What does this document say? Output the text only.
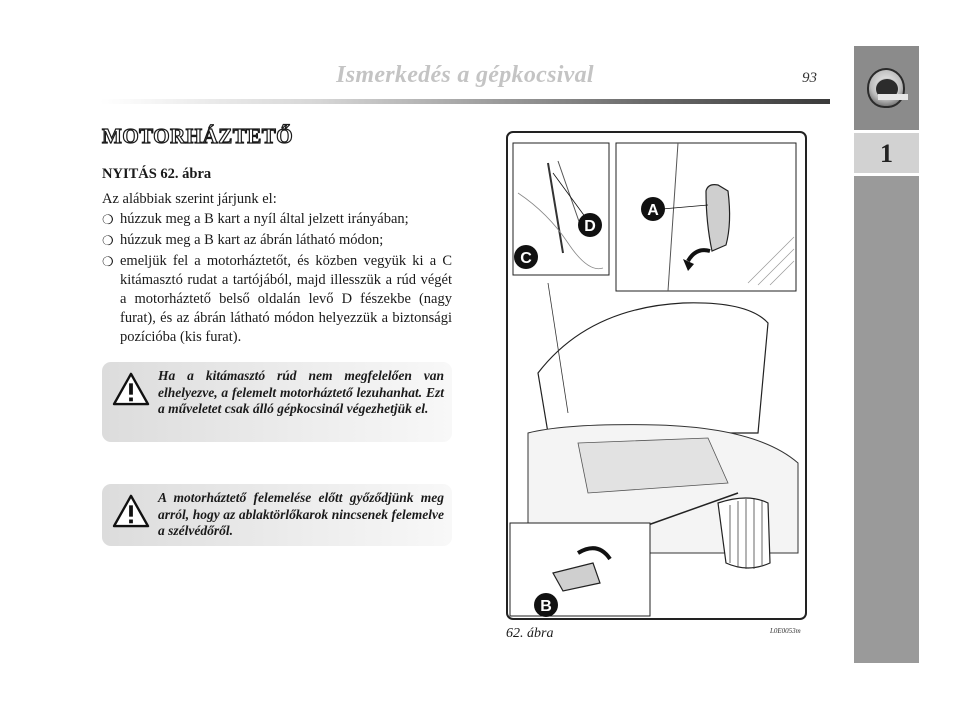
Ismerkedés a gépkocsival	93
1
MOTORHÁZTETŐ
NYITÁS 62. ábra
Az alábbiak szerint járjunk el:
❍ húzzuk meg a B kart a nyíl által jelzett irányában;
❍ húzzuk meg a B kart az ábrán látható módon;
❍ emeljük fel a motorháztetőt, és közben vegyük ki a C kitámasztó rudat a tartójából, majd illesszük a rúd végét a motorháztető belső oldalán levő D fészekbe (nagy furat), és az ábrán látható módon helyezzük a biztonsági pozícióba (kis furat).
Ha a kitámasztó rúd nem megfelelően van elhelyezve, a felemelt motorháztető lezuhanhat. Ezt a műveletet csak álló gépkocsinál végezhetjük el.
A motorháztető felemelése előtt győződjünk meg arról, hogy az ablaktörlőkarok nincsenek felemelve a szélvédőről.
D
C
A
B
62. ábra	L0E0053m
